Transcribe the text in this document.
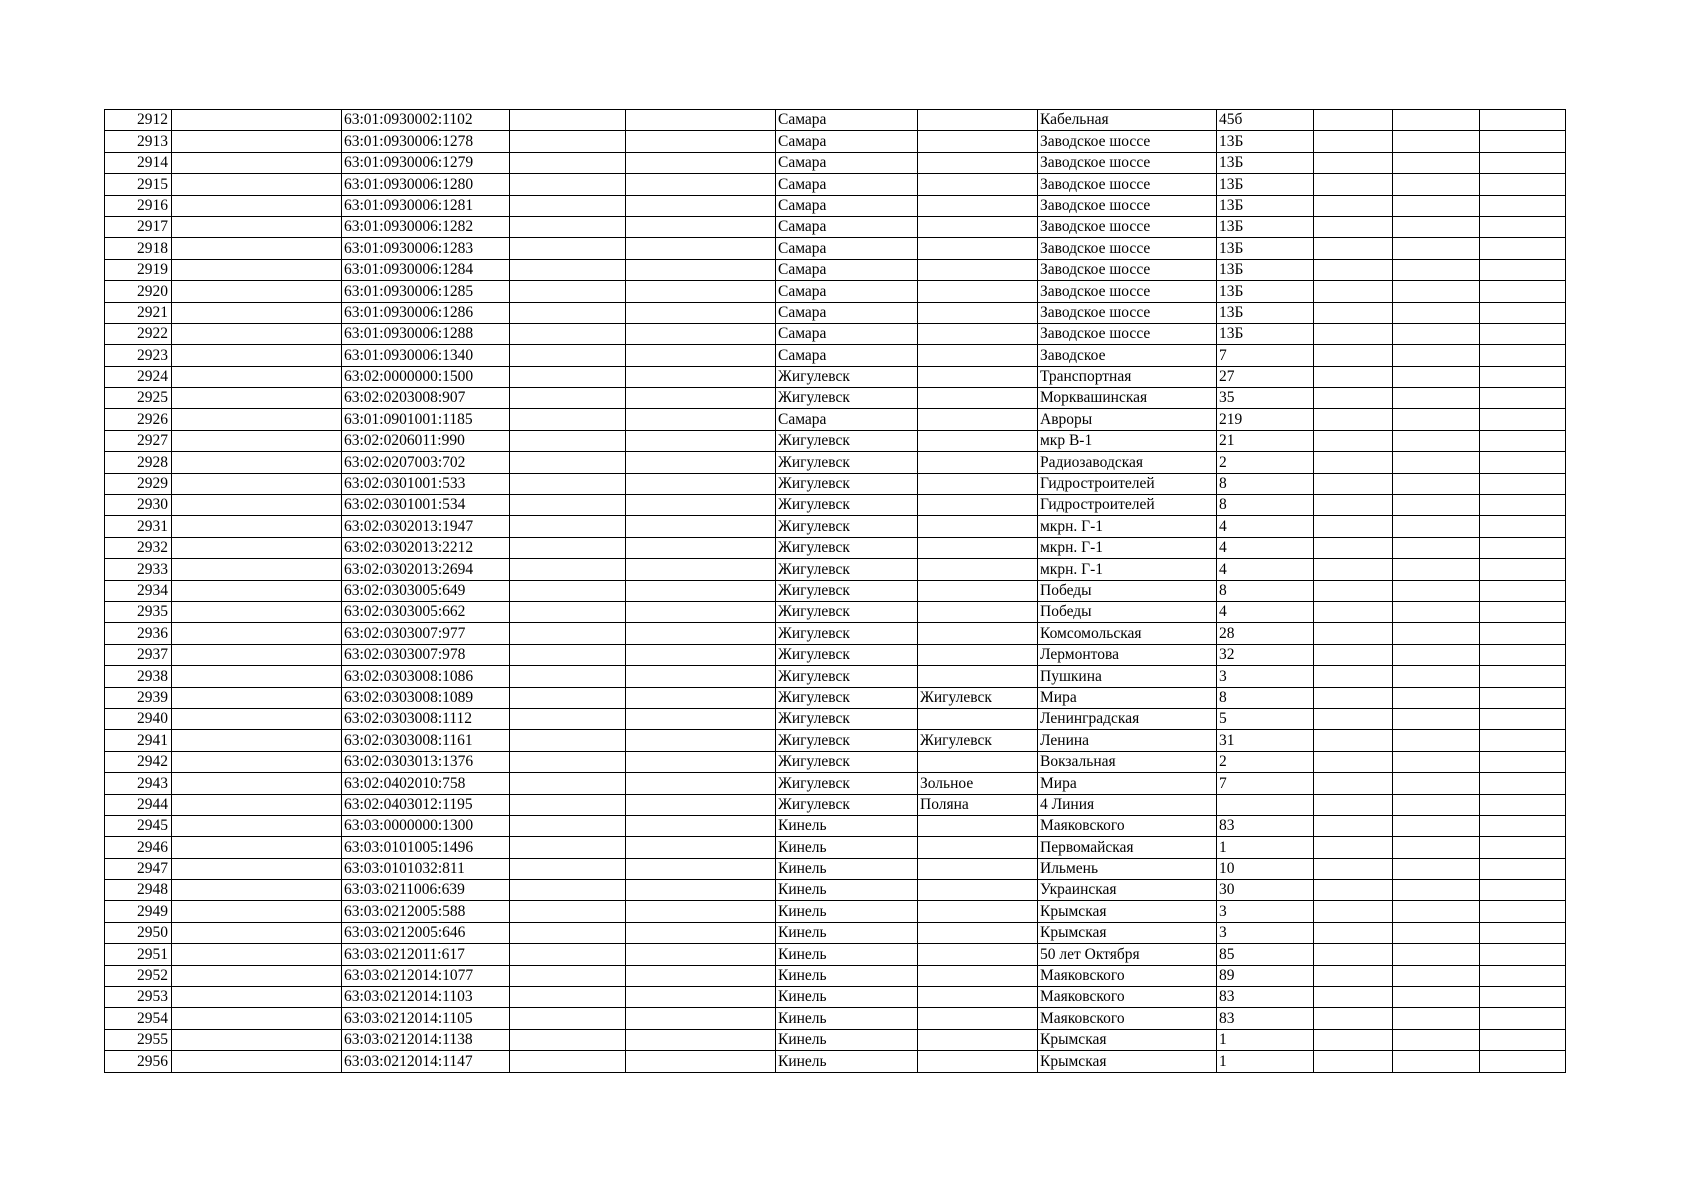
2912		63:01:0930002:1102			Самара		Кабельная	45б			
2913		63:01:0930006:1278			Самара		Заводское шоссе	13Б			
2914		63:01:0930006:1279			Самара		Заводское шоссе	13Б			
2915		63:01:0930006:1280			Самара		Заводское шоссе	13Б			
2916		63:01:0930006:1281			Самара		Заводское шоссе	13Б			
2917		63:01:0930006:1282			Самара		Заводское шоссе	13Б			
2918		63:01:0930006:1283			Самара		Заводское шоссе	13Б			
2919		63:01:0930006:1284			Самара		Заводское шоссе	13Б			
2920		63:01:0930006:1285			Самара		Заводское шоссе	13Б			
2921		63:01:0930006:1286			Самара		Заводское шоссе	13Б			
2922		63:01:0930006:1288			Самара		Заводское шоссе	13Б			
2923		63:01:0930006:1340			Самара		Заводское	7			
2924		63:02:0000000:1500			Жигулевск		Транспортная	27			
2925		63:02:0203008:907			Жигулевск		Морквашинская	35			
2926		63:01:0901001:1185			Самара		Авроры	219			
2927		63:02:0206011:990			Жигулевск		мкр В-1	21			
2928		63:02:0207003:702			Жигулевск		Радиозаводская	2			
2929		63:02:0301001:533			Жигулевск		Гидростроителей	8			
2930		63:02:0301001:534			Жигулевск		Гидростроителей	8			
2931		63:02:0302013:1947			Жигулевск		мкрн. Г-1	4			
2932		63:02:0302013:2212			Жигулевск		мкрн. Г-1	4			
2933		63:02:0302013:2694			Жигулевск		мкрн. Г-1	4			
2934		63:02:0303005:649			Жигулевск		Победы	8			
2935		63:02:0303005:662			Жигулевск		Победы	4			
2936		63:02:0303007:977			Жигулевск		Комсомольская	28			
2937		63:02:0303007:978			Жигулевск		Лермонтова	32			
2938		63:02:0303008:1086			Жигулевск		Пушкина	3			
2939		63:02:0303008:1089			Жигулевск	Жигулевск	Мира	8			
2940		63:02:0303008:1112			Жигулевск		Ленинградская	5			
2941		63:02:0303008:1161			Жигулевск	Жигулевск	Ленина	31			
2942		63:02:0303013:1376			Жигулевск		Вокзальная	2			
2943		63:02:0402010:758			Жигулевск	Зольное	Мира	7			
2944		63:02:0403012:1195			Жигулевск	Поляна	4 Линия				
2945		63:03:0000000:1300			Кинель		Маяковского	83			
2946		63:03:0101005:1496			Кинель		Первомайская	1			
2947		63:03:0101032:811			Кинель		Ильмень	10			
2948		63:03:0211006:639			Кинель		Украинская	30			
2949		63:03:0212005:588			Кинель		Крымская	3			
2950		63:03:0212005:646			Кинель		Крымская	3			
2951		63:03:0212011:617			Кинель		50 лет Октября	85			
2952		63:03:0212014:1077			Кинель		Маяковского	89			
2953		63:03:0212014:1103			Кинель		Маяковского	83			
2954		63:03:0212014:1105			Кинель		Маяковского	83			
2955		63:03:0212014:1138			Кинель		Крымская	1			
2956		63:03:0212014:1147			Кинель		Крымская	1			
